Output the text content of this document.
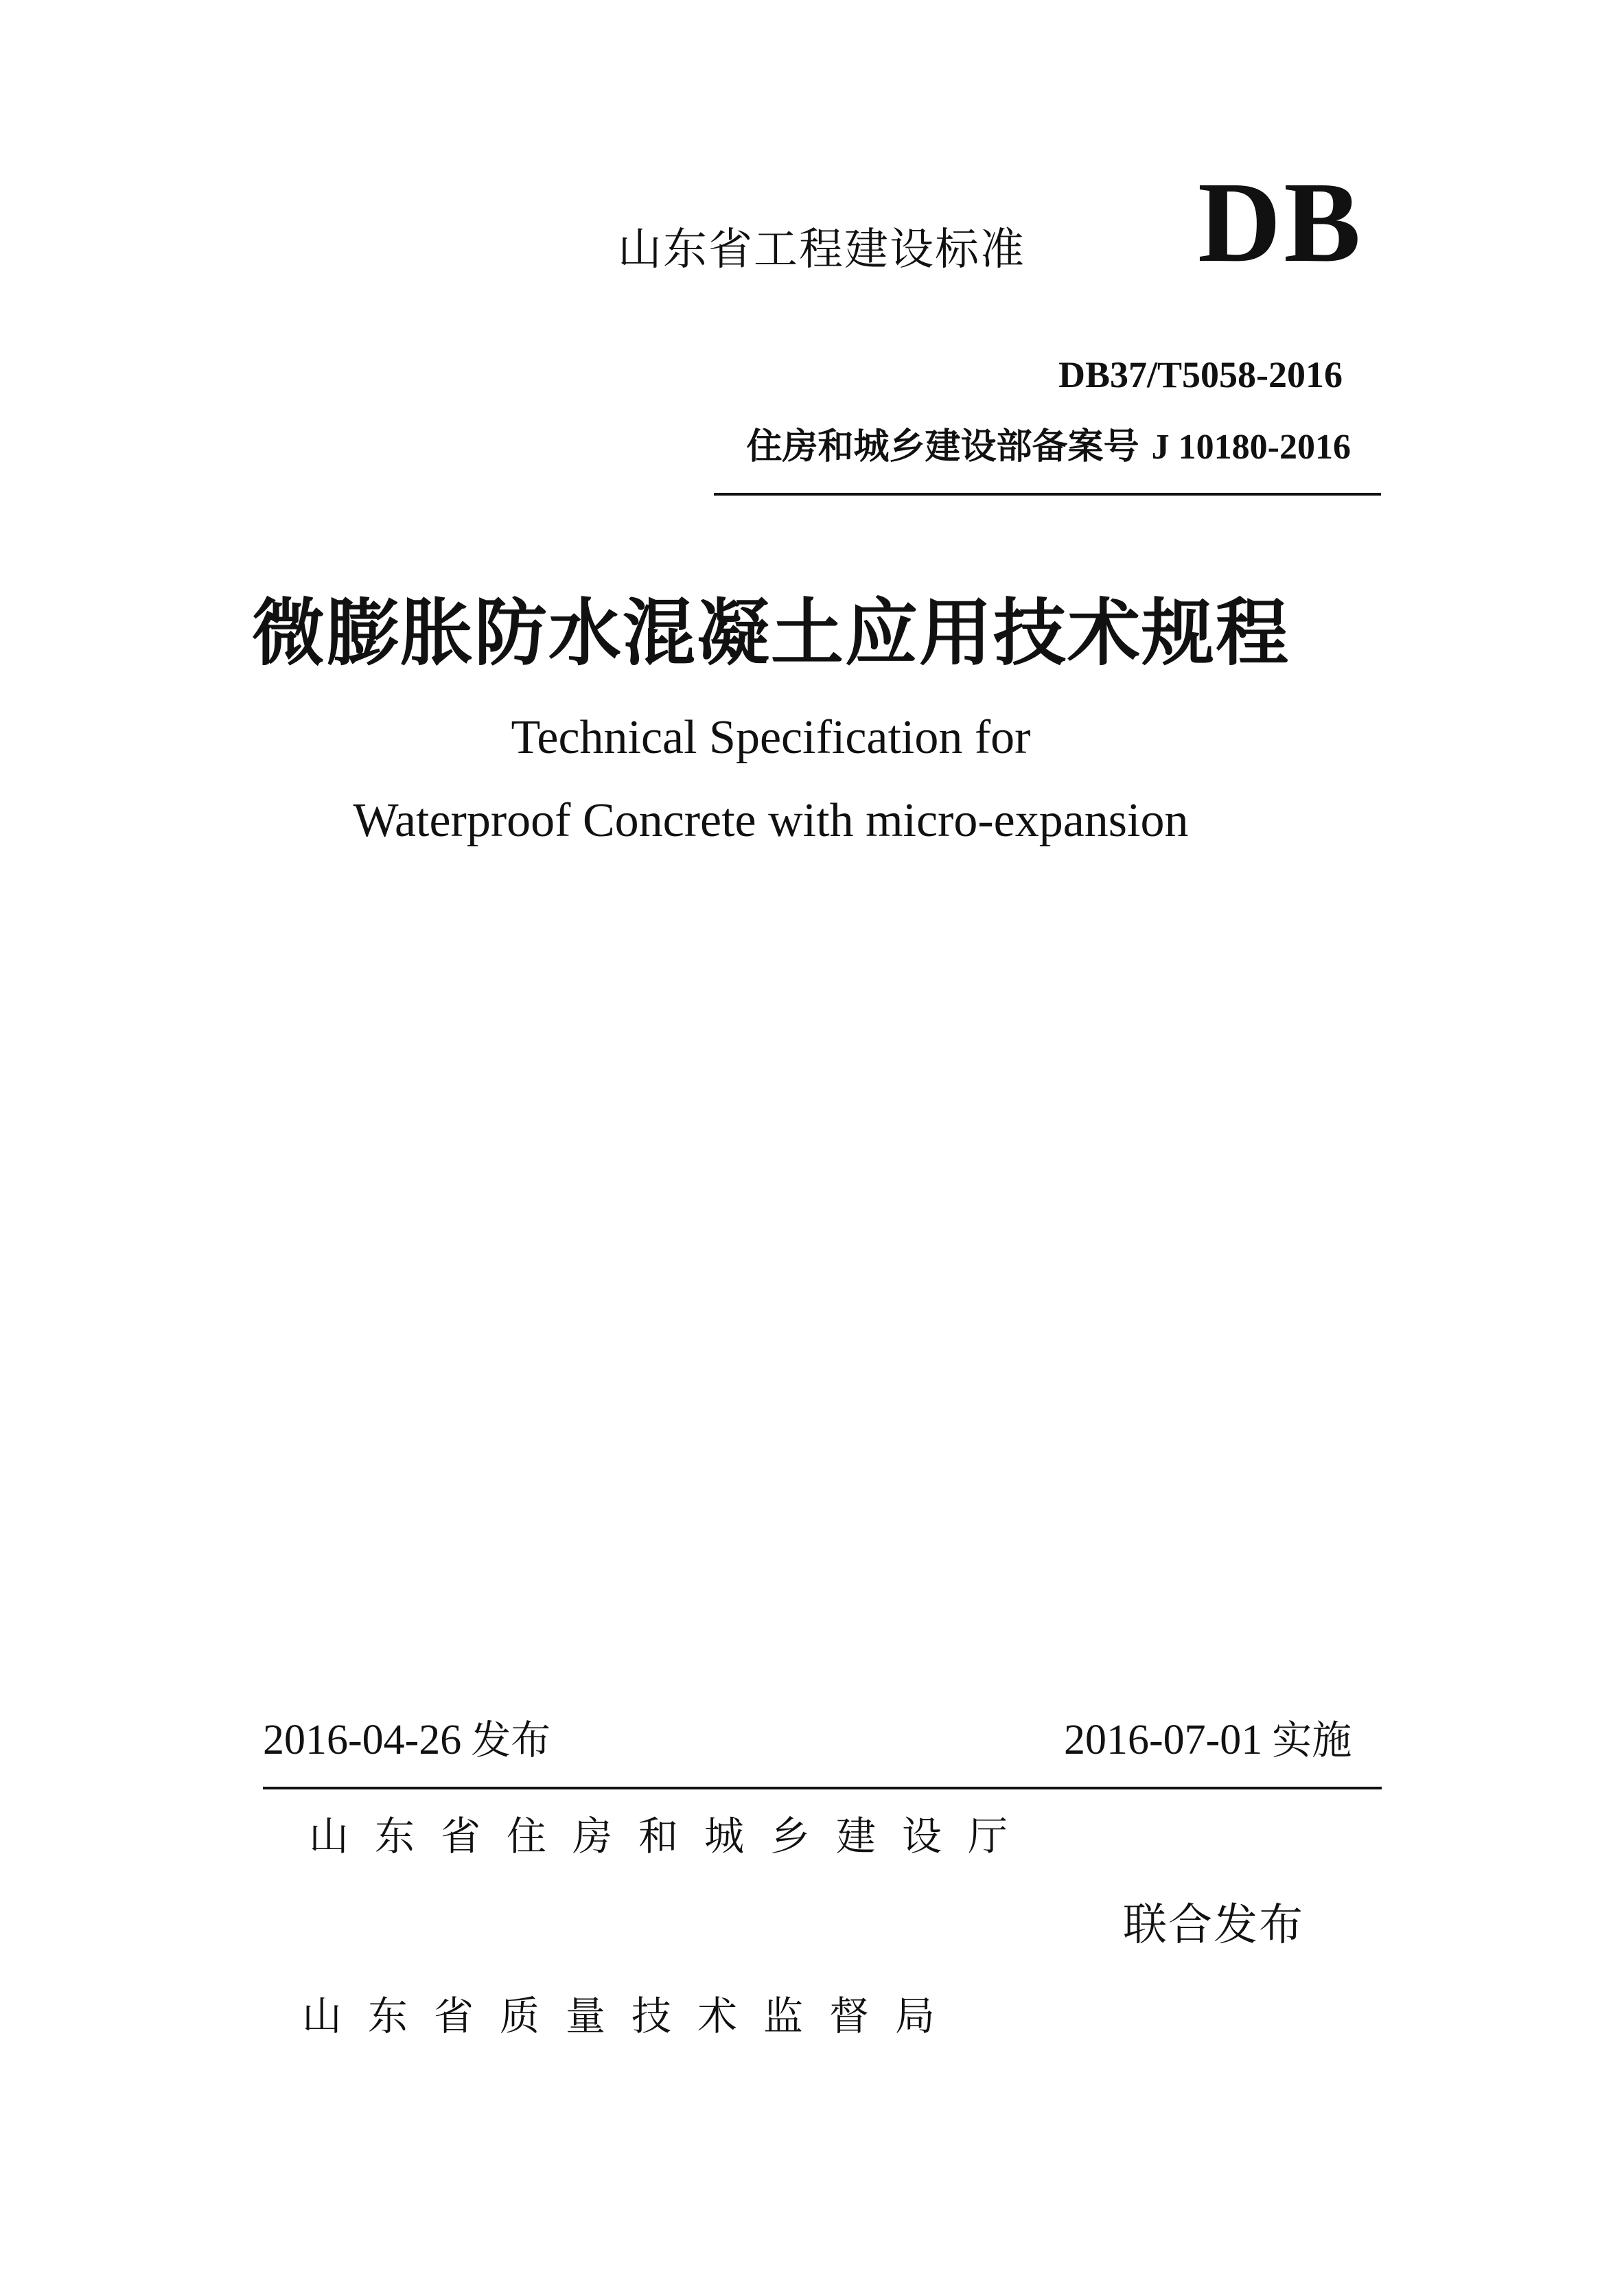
山东省工程建设标准 DB
DB37/T5058-2016
住房和城乡建设部备案号 J 10180-2016
微膨胀防水混凝土应用技术规程
Technical Specification for
Waterproof Concrete with micro-expansion
2016-04-26 发布	2016-07-01 实施
山东省住房和城乡建设厅
联合发布
山东省质量技术监督局
